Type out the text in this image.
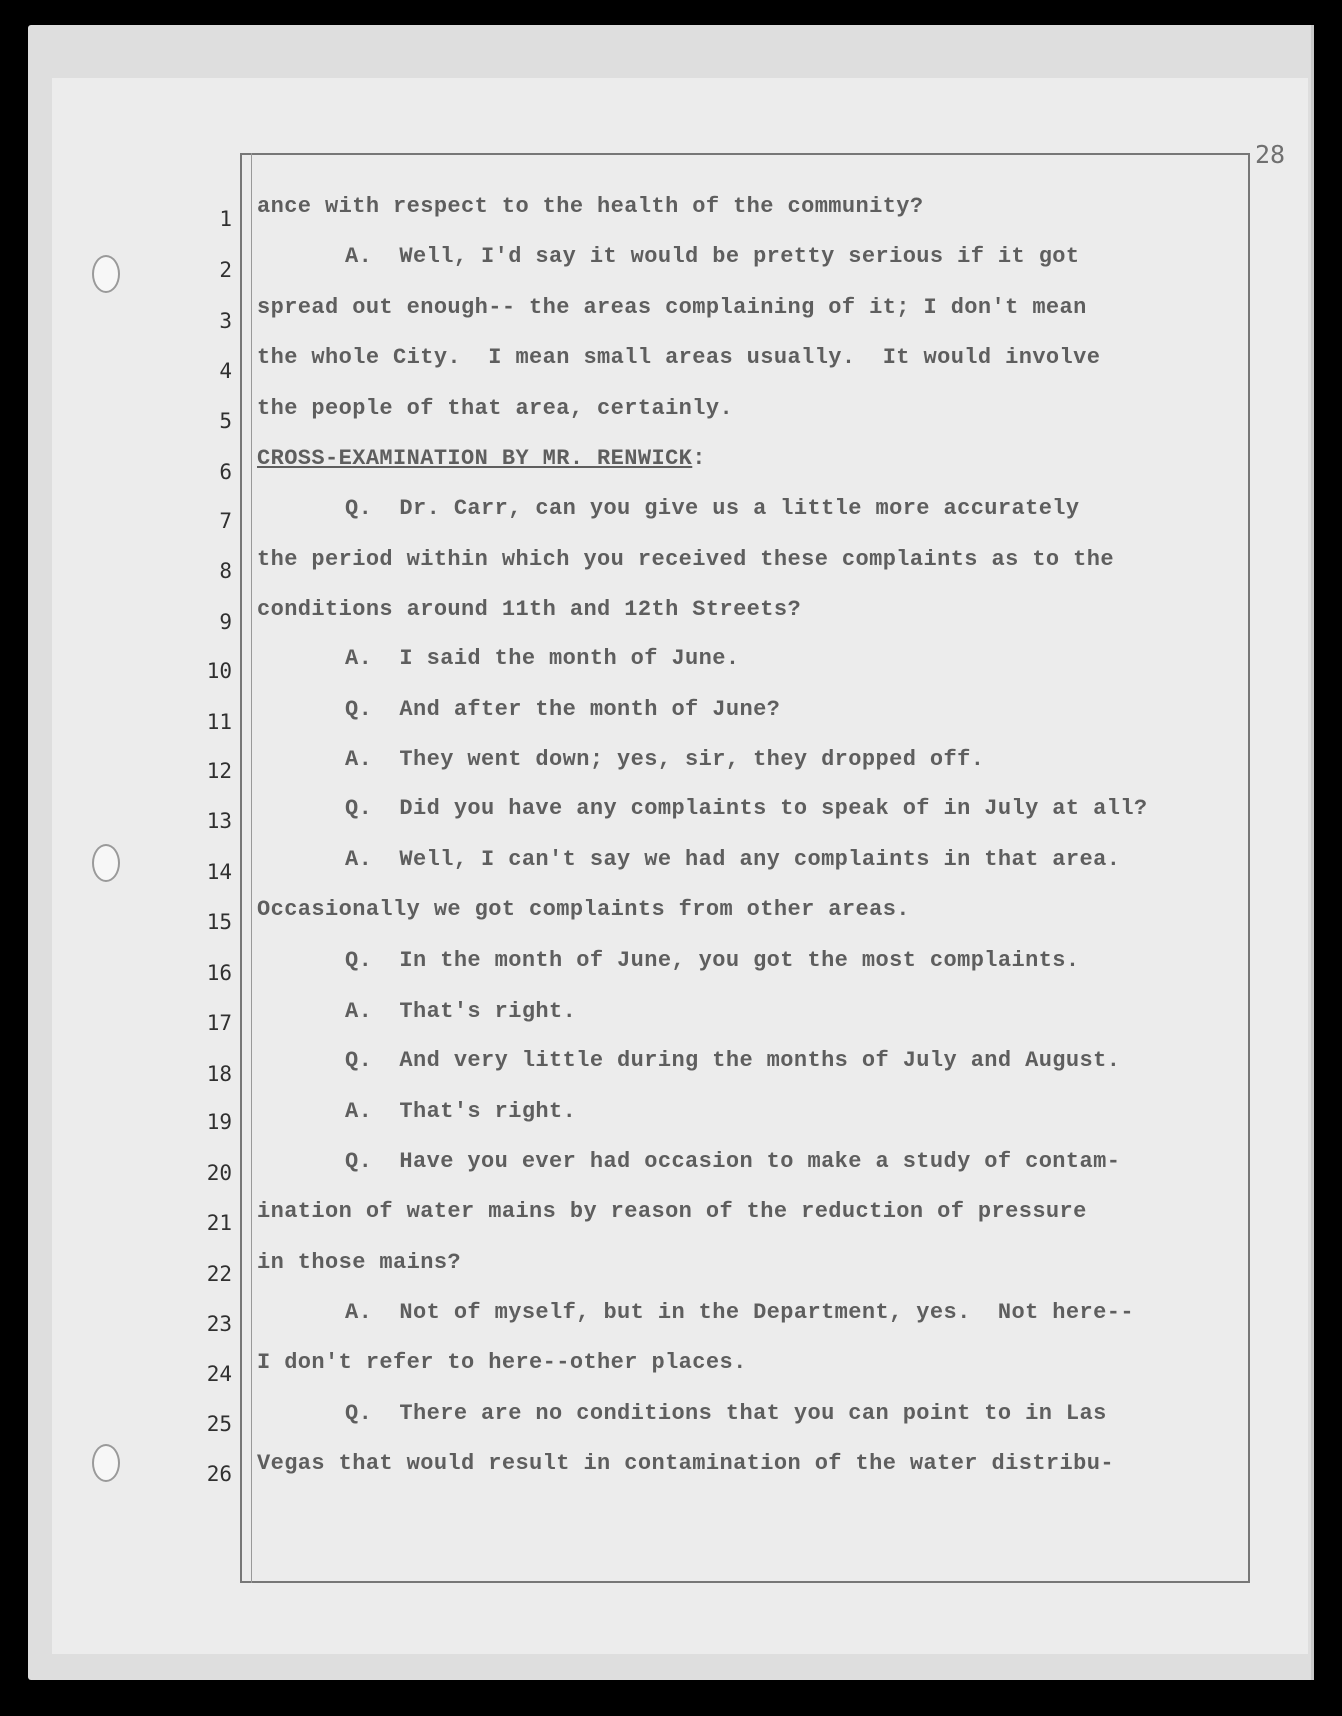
28
1
2
3
4
5
6
7
8
9
10
11
12
13
14
15
16
17
18
19
20
21
22
23
24
25
26
ance with respect to the health of the community?
A.  Well, I'd say it would be pretty serious if it got
spread out enough-- the areas complaining of it; I don't mean
the whole City.  I mean small areas usually.  It would involve
the people of that area, certainly.
CROSS-EXAMINATION BY MR. RENWICK:
Q.  Dr. Carr, can you give us a little more accurately
the period within which you received these complaints as to the
conditions around 11th and 12th Streets?
A.  I said the month of June.
Q.  And after the month of June?
A.  They went down; yes, sir, they dropped off.
Q.  Did you have any complaints to speak of in July at all?
A.  Well, I can't say we had any complaints in that area.
Occasionally we got complaints from other areas.
Q.  In the month of June, you got the most complaints.
A.  That's right.
Q.  And very little during the months of July and August.
A.  That's right.
Q.  Have you ever had occasion to make a study of contam-
ination of water mains by reason of the reduction of pressure
in those mains?
A.  Not of myself, but in the Department, yes.  Not here--
I don't refer to here--other places.
Q.  There are no conditions that you can point to in Las
Vegas that would result in contamination of the water distribu-
